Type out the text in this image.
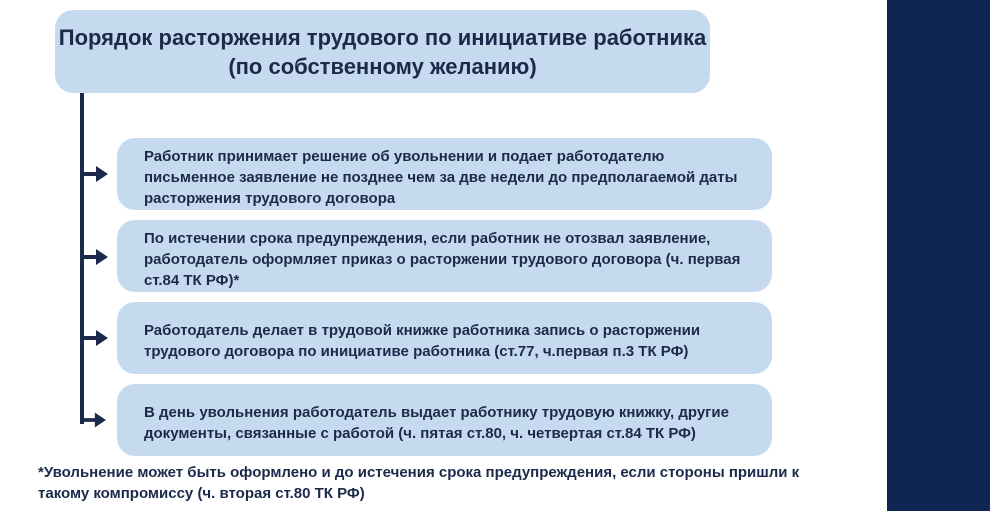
Порядок расторжения трудового по инициативе работника (по собственному желанию)
Работник принимает решение об увольнении и подает работодателю письменное заявление не позднее чем за две недели до предполагаемой даты расторжения трудового договора
По истечении срока предупреждения, если работник не отозвал заявление, работодатель оформляет приказ о расторжении трудового договора (ч. первая ст.84 ТК РФ)*
Работодатель делает в трудовой книжке работника запись о расторжении трудового договора по инициативе работника (ст.77, ч.первая п.3 ТК РФ)
В день увольнения работодатель выдает работнику трудовую книжку, другие документы, связанные с работой (ч. пятая ст.80, ч. четвертая ст.84 ТК РФ)
*Увольнение может быть оформлено и до истечения срока предупреждения, если стороны пришли к такому компромиссу (ч. вторая ст.80 ТК РФ)
